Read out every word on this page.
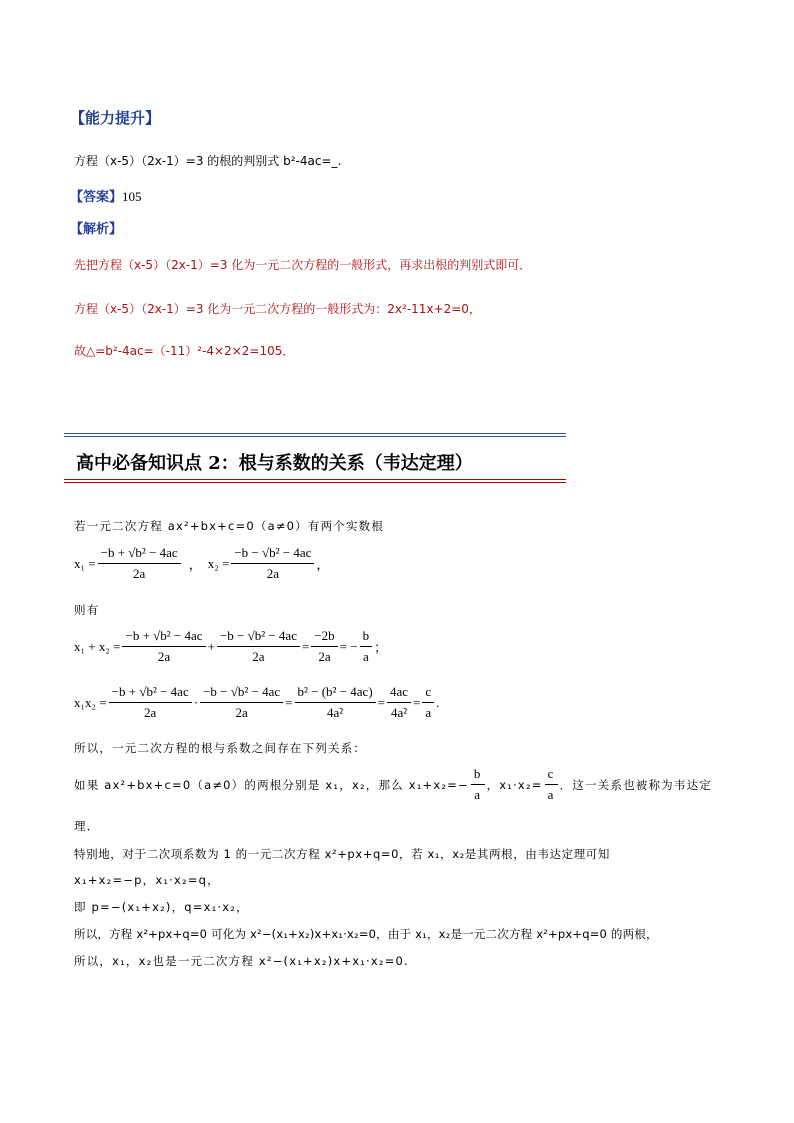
【能力提升】
方程（x-5）（2x-1）=3 的根的判别式 b²-4ac=_.
【答案】105
【解析】
先把方程（x-5）（2x-1）=3 化为一元二次方程的一般形式，再求出根的判别式即可．
方程（x-5）（2x-1）=3 化为一元二次方程的一般形式为：2x²-11x+2=0，
故△=b²-4ac=（-11）²-4×2×2=105．
高中必备知识点 2：根与系数的关系（韦达定理）
若一元二次方程 ax²+bx+c=0（a≠0）有两个实数根
$x_1 = \frac{\text{−b + √b² − 4ac}}{2a}$ ， $x_2 = \frac{\text{−b − √b² − 4ac}}{2a}$ ，
则有
$x_1 + x_2 = \frac{\text{−b + √b² − 4ac}}{2a} + \frac{\text{−b − √b² − 4ac}}{2a} = \frac{-2b}{2a}$ = − $\frac{b}{a}$ ；
$x_1x_2 = \frac{\text{−b + √b² − 4ac}}{2a} \cdot \frac{\text{−b − √b² − 4ac}}{2a} = \frac{\text{b² − (b² − 4ac)}}{\text{4a²}} = \frac{4ac}{\text{4a²}} = \frac{c}{a}$ .
所以，一元二次方程的根与系数之间存在下列关系：
如果 ax²+bx+c=0（a≠0）的两根分别是 x₁，x₂，那么 $x_1+x_2=- \frac{b}{a}$ ，$x_1\cdot x_2= \frac{c}{a}$ ．这一关系也被称为韦达定
理．
特别地，对于二次项系数为 1 的一元二次方程 x²+px+q=0，若 x₁，x₂是其两根，由韦达定理可知
x₁+x₂=−p，x₁·x₂=q，
即 p=−(x₁+x₂)，q=x₁·x₂，
所以，方程 x²+px+q=0 可化为 x²−(x₁+x₂)x+x₁·x₂=0，由于 x₁，x₂是一元二次方程 x²+px+q=0 的两根，
所以，x₁，x₂也是一元二次方程 x²−(x₁+x₂)x+x₁·x₂=0.
